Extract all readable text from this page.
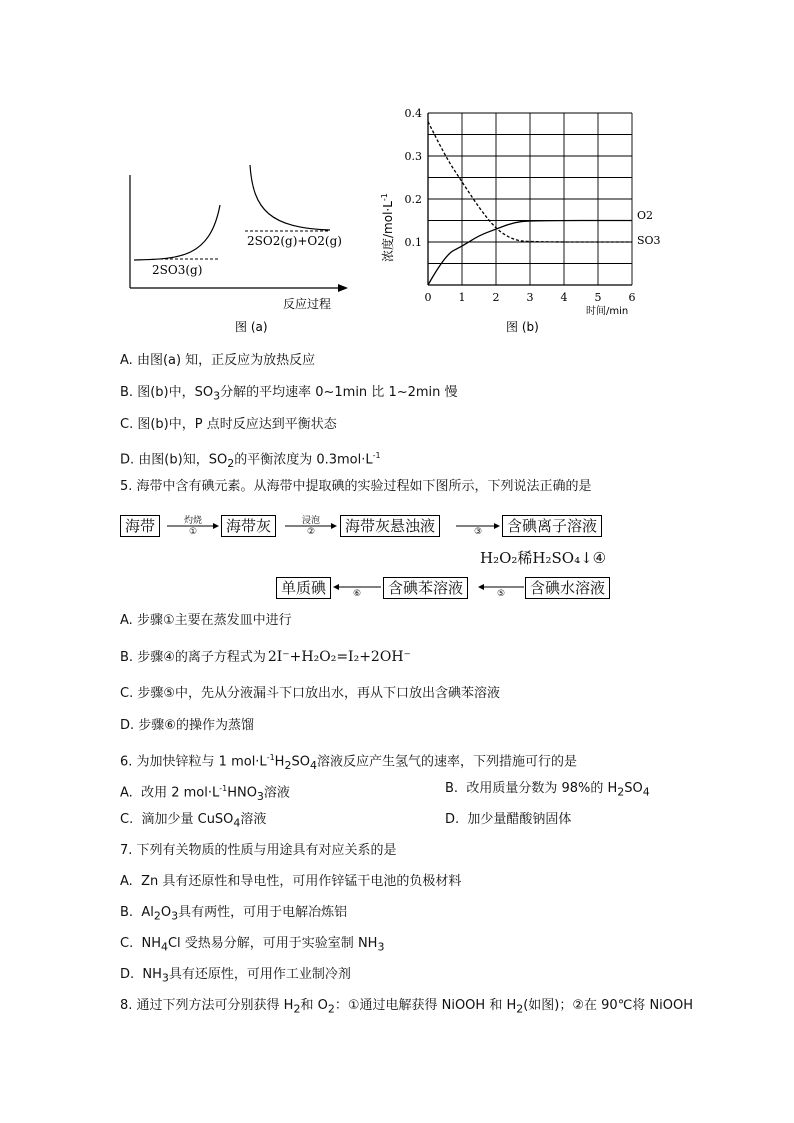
2SO3(g)
2SO2(g)+O2(g)
反应过程
图 (a)
0 1 2 3 4 5 6
0.1
0.2
0.3
0.4
浓度$/mol\cdot L^{-1}$
O2
SO3
时间/min
图 (b)
A. 由图(a) 知，正反应为放热反应
B. 图(b)中，$SO_3$分解的平均速率 0~1min 比 1~2min 慢
C. 图(b)中，P 点时反应达到平衡状态
D. 由图(b)知，$SO_2$的平衡浓度为 $0.3mol\cdot L^{-1}$
5. 海带中含有碘元素。从海带中提取碘的实验过程如下图所示，下列说法正确的是
海带	灼烧
①	海带灰	浸泡
②	海带灰悬浊液	③	含碘离子溶液
H₂O₂稀H₂SO₄↓④
单质碘	⑥	含碘苯溶液	⑤	含碘水溶液
A. 步骤①主要在蒸发皿中进行
B. 步骤④的离子方程式为 2I⁻+H₂O₂=I₂+2OH⁻
C. 步骤⑤中，先从分液漏斗下口放出水，再从下口放出含碘苯溶液
D. 步骤⑥的操作为蒸馏
6. 为加快锌粒与 1 $mol\cdot L^{-1}H_2SO_4$溶液反应产生氢气的速率，下列措施可行的是
A. 改用 2 $mol\cdot L^{-1}HNO_3$溶液	B. 改用质量分数为 98%的 $H_2SO_4$
C. 滴加少量 CuSO$_4$溶液	D. 加少量醋酸钠固体
7. 下列有关物质的性质与用途具有对应关系的是
A. Zn 具有还原性和导电性，可用作锌锰干电池的负极材料
B. $Al_2O_3$具有两性，可用于电解冶炼铝
C. $NH_4Cl$ 受热易分解，可用于实验室制 $NH_3$
D. $NH_3$具有还原性，可用作工业制冷剂
8. 通过下列方法可分别获得 $H_2$和 $O_2$：①通过电解获得 NiOOH 和 $H_2$(如图)；②在 90℃将 NiOOH
